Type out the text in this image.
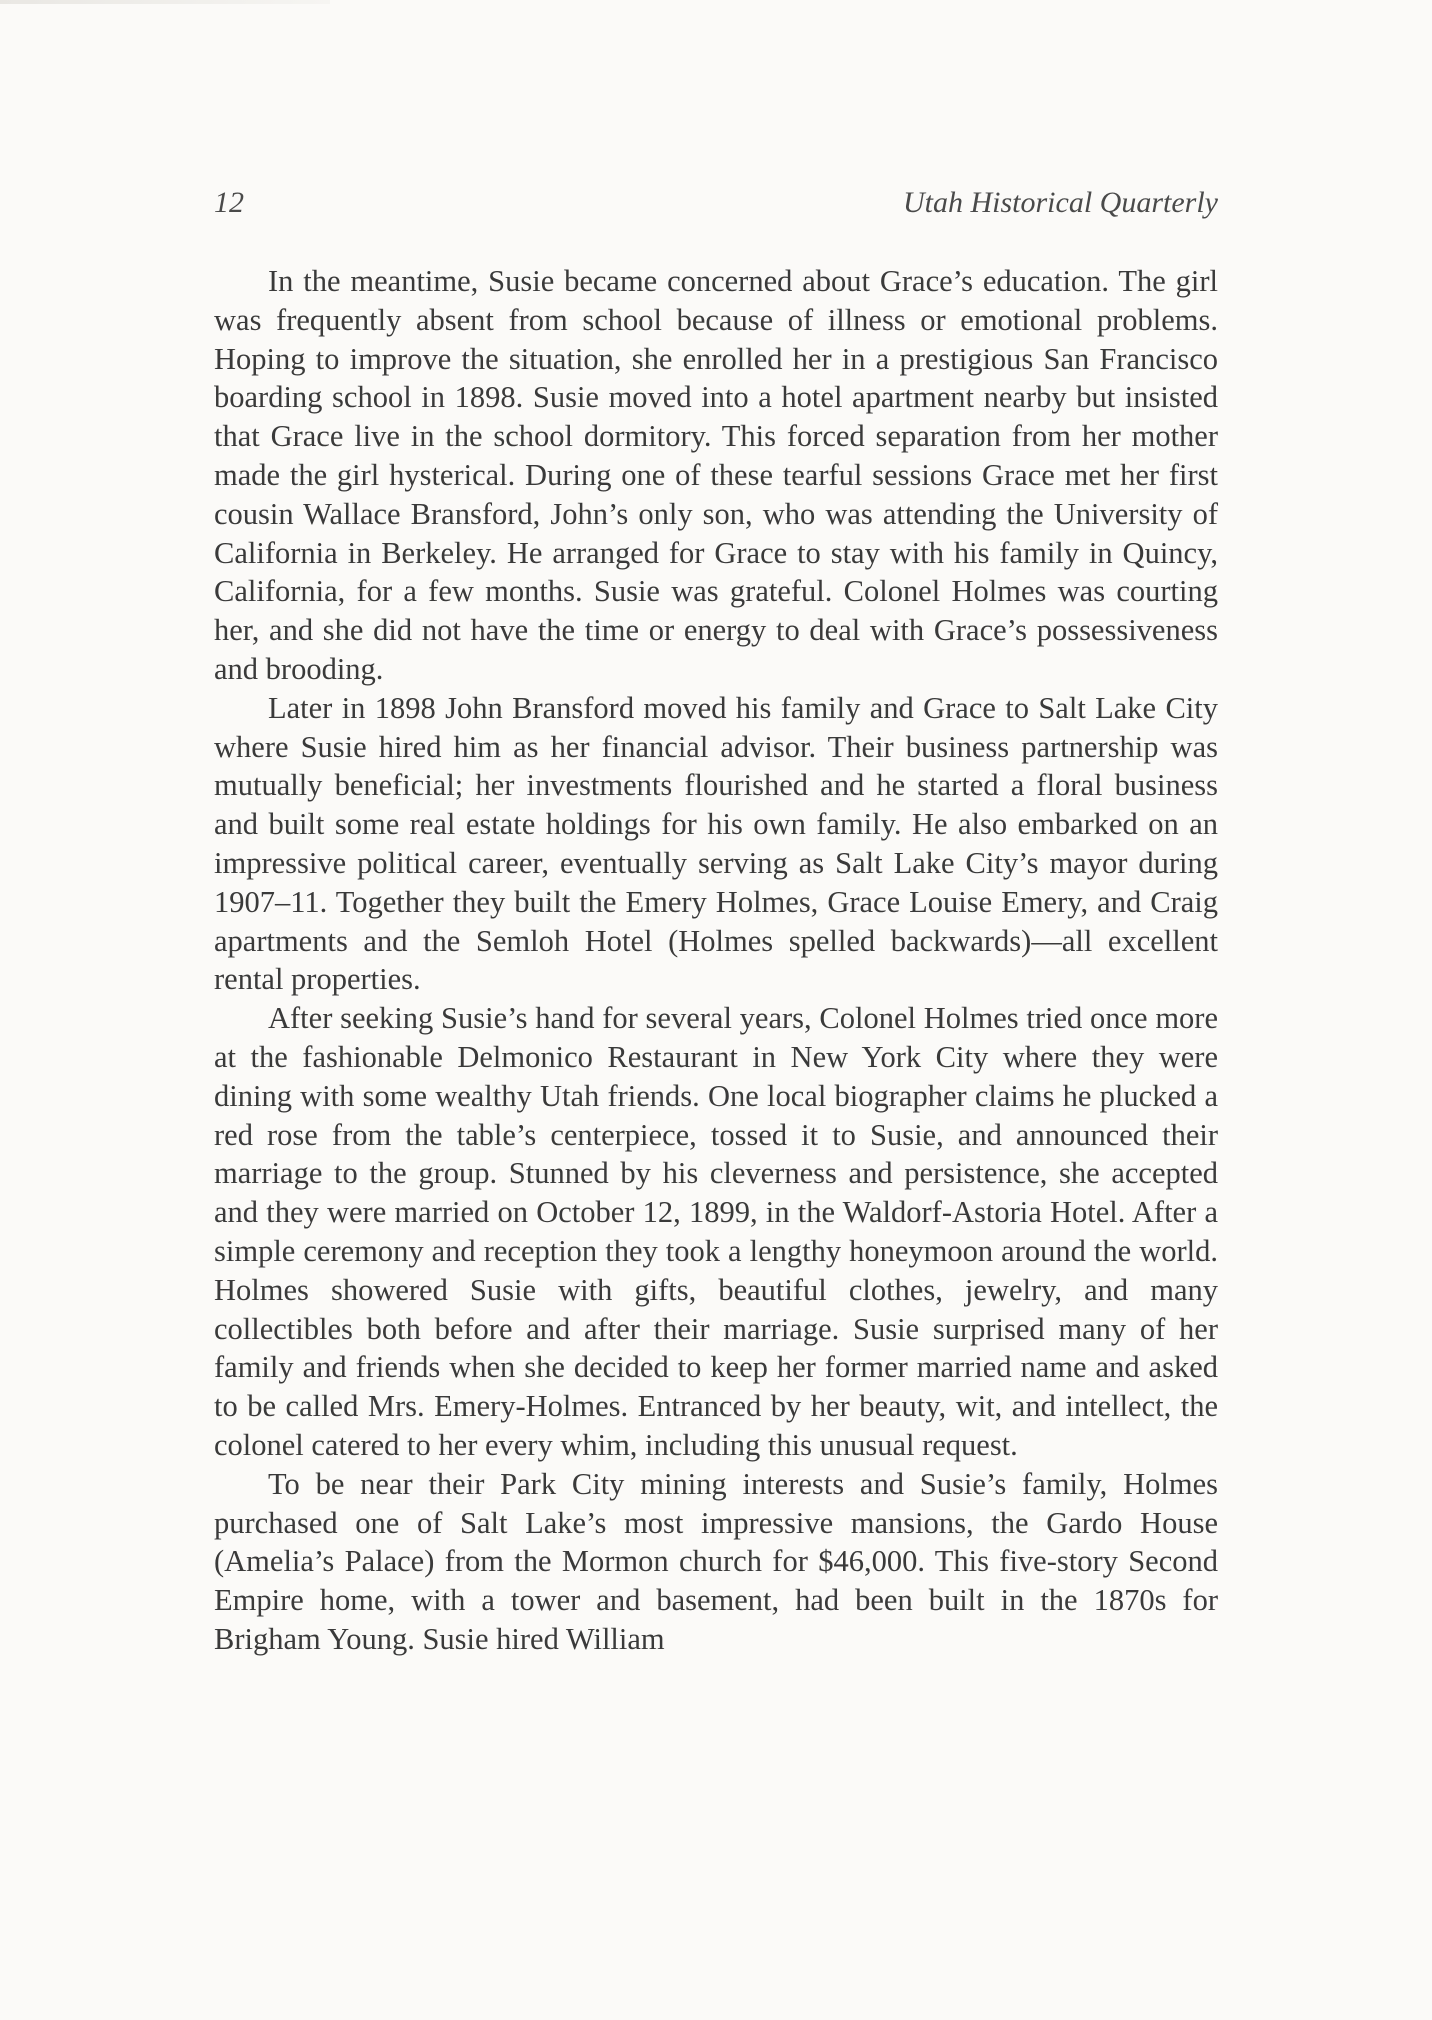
12	Utah Historical Quarterly

In the meantime, Susie became concerned about Grace’s education. The girl was frequently absent from school because of illness or emotional problems. Hoping to improve the situation, she enrolled her in a prestigious San Francisco boarding school in 1898. Susie moved into a hotel apartment nearby but insisted that Grace live in the school dormitory. This forced separation from her mother made the girl hysterical. During one of these tearful sessions Grace met her first cousin Wallace Bransford, John’s only son, who was attending the University of California in Berkeley. He arranged for Grace to stay with his family in Quincy, California, for a few months. Susie was grateful. Colonel Holmes was courting her, and she did not have the time or energy to deal with Grace’s possessiveness and brooding.

Later in 1898 John Bransford moved his family and Grace to Salt Lake City where Susie hired him as her financial advisor. Their business partnership was mutually beneficial; her investments flourished and he started a floral business and built some real estate holdings for his own family. He also embarked on an impressive political career, eventually serving as Salt Lake City’s mayor during 1907–11. Together they built the Emery Holmes, Grace Louise Emery, and Craig apartments and the Semloh Hotel (Holmes spelled backwards)—all excellent rental properties.

After seeking Susie’s hand for several years, Colonel Holmes tried once more at the fashionable Delmonico Restaurant in New York City where they were dining with some wealthy Utah friends. One local biographer claims he plucked a red rose from the table’s centerpiece, tossed it to Susie, and announced their marriage to the group. Stunned by his cleverness and persistence, she accepted and they were married on October 12, 1899, in the Waldorf-Astoria Hotel. After a simple ceremony and reception they took a lengthy honeymoon around the world. Holmes showered Susie with gifts, beautiful clothes, jewelry, and many collectibles both before and after their marriage. Susie surprised many of her family and friends when she decided to keep her former married name and asked to be called Mrs. Emery-Holmes. Entranced by her beauty, wit, and intellect, the colonel catered to her every whim, including this unusual request.

To be near their Park City mining interests and Susie’s family, Holmes purchased one of Salt Lake’s most impressive mansions, the Gardo House (Amelia’s Palace) from the Mormon church for $46,000. This five-story Second Empire home, with a tower and basement, had been built in the 1870s for Brigham Young. Susie hired William
